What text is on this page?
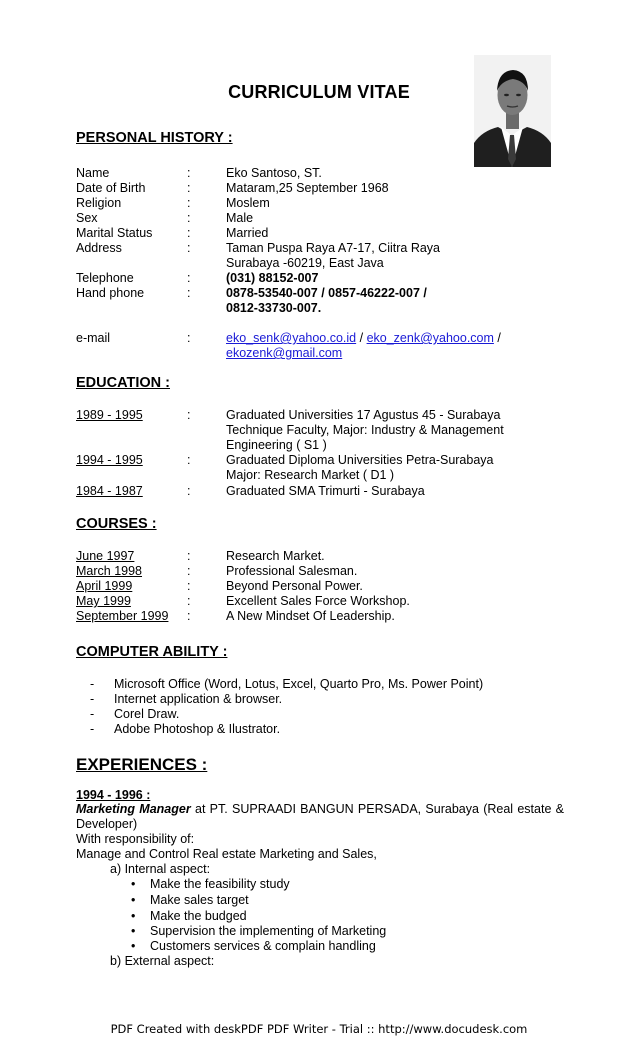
CURRICULUM VITAE
PERSONAL HISTORY :
Name	:	Eko Santoso, ST.
Date of Birth	:	Mataram,25 September 1968
Religion	:	Moslem
Sex	:	Male
Marital Status	:	Married
Address	:	Taman Puspa Raya A7-17, Ciitra Raya
Surabaya -60219, East Java
Telephone	:	(031) 88152-007
Hand phone	:	0878-53540-007 / 0857-46222-007 /
0812-33730-007.
e-mail	:	eko_senk@yahoo.co.id / eko_zenk@yahoo.com /
ekozenk@gmail.com
EDUCATION :
1989 - 1995	:	Graduated Universities 17 Agustus 45 - Surabaya
Technique Faculty, Major: Industry & Management
Engineering ( S1 )
1994 - 1995	:	Graduated Diploma Universities Petra-Surabaya
Major: Research Market ( D1 )
1984 - 1987	:	Graduated SMA Trimurti - Surabaya
COURSES :
June 1997	:	Research Market.
March 1998	:	Professional Salesman.
April 1999	:	Beyond Personal Power.
May 1999	:	Excellent Sales Force Workshop.
September 1999 :	A New Mindset Of Leadership.
COMPUTER ABILITY :
- Microsoft Office (Word, Lotus, Excel, Quarto Pro, Ms. Power Point)
- Internet application & browser.
- Corel Draw.
- Adobe Photoshop & Ilustrator.
EXPERIENCES :
1994 - 1996 :
Marketing Manager at PT. SUPRAADI BANGUN PERSADA, Surabaya (Real estate & Developer)
With responsibility of:
Manage and Control Real estate Marketing and Sales,
a) Internal aspect:
• Make the feasibility study
• Make sales target
• Make the budged
• Supervision the implementing of Marketing
• Customers services & complain handling
b) External aspect:
PDF Created with deskPDF PDF Writer - Trial :: http://www.docudesk.com
